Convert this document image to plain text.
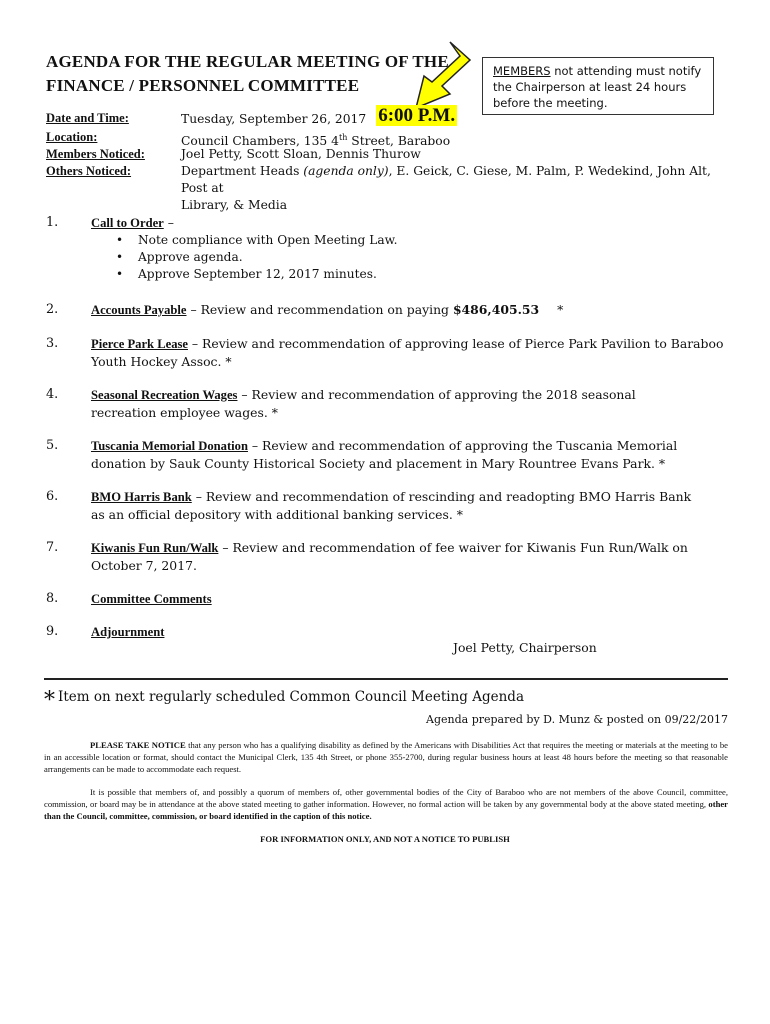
AGENDA FOR THE REGULAR MEETING OF THE
FINANCE / PERSONNEL COMMITTEE
MEMBERS not attending must notify the Chairperson at least 24 hours before the meeting.
Date and Time:	Tuesday, September 26, 2017 6:00 P.M.
Location:	Council Chambers, 135 4th Street, Baraboo
Members Noticed:	Joel Petty, Scott Sloan, Dennis Thurow
Others Noticed:	Department Heads (agenda only), E. Geick, C. Giese, M. Palm, P. Wedekind, John Alt, Post at
Library, & Media
1.	Call to Order –
• Note compliance with Open Meeting Law.
• Approve agenda.
• Approve September 12, 2017 minutes.
2.	Accounts Payable – Review and recommendation on paying $486,405.53 *
3.	Pierce Park Lease – Review and recommendation of approving lease of Pierce Park Pavilion to Baraboo Youth Hockey Assoc. *
4.	Seasonal Recreation Wages – Review and recommendation of approving the 2018 seasonal recreation employee wages. *
5.	Tuscania Memorial Donation – Review and recommendation of approving the Tuscania Memorial donation by Sauk County Historical Society and placement in Mary Rountree Evans Park. *
6.	BMO Harris Bank – Review and recommendation of rescinding and readopting BMO Harris Bank as an official depository with additional banking services. *
7.	Kiwanis Fun Run/Walk – Review and recommendation of fee waiver for Kiwanis Fun Run/Walk on October 7, 2017.
8.	Committee Comments
9.	Adjournment
Joel Petty, Chairperson
* Item on next regularly scheduled Common Council Meeting Agenda
Agenda prepared by D. Munz & posted on 09/22/2017

PLEASE TAKE NOTICE that any person who has a qualifying disability as defined by the Americans with Disabilities Act that requires the meeting or materials at the meeting to be in an accessible location or format, should contact the Municipal Clerk, 135 4th Street, or phone 355-2700, during regular business hours at least 48 hours before the meeting so that reasonable arrangements can be made to accommodate each request.

It is possible that members of, and possibly a quorum of members of, other governmental bodies of the City of Baraboo who are not members of the above Council, committee, commission, or board may be in attendance at the above stated meeting to gather information. However, no formal action will be taken by any governmental body at the above stated meeting, other than the Council, committee, commission, or board identified in the caption of this notice.

FOR INFORMATION ONLY, AND NOT A NOTICE TO PUBLISH
